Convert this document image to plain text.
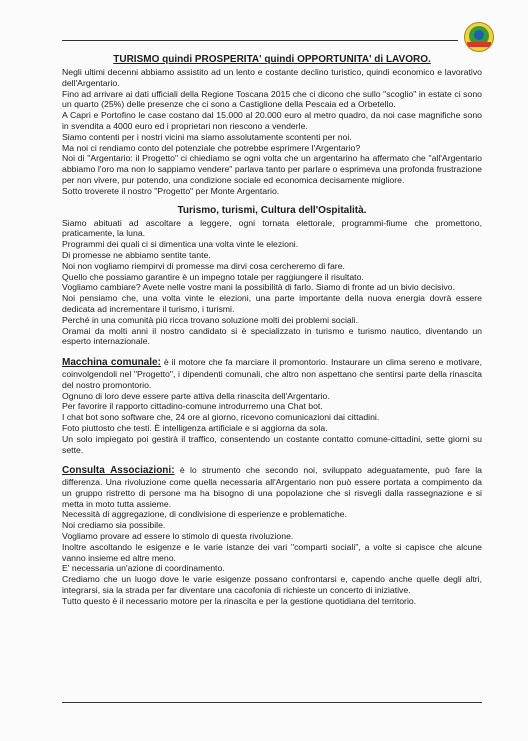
TURISMO quindi PROSPERITA' quindi OPPORTUNITA' di LAVORO.

Negli ultimi decenni abbiamo assistito ad un lento e costante declino turistico, quindi economico e lavorativo dell'Argentario.

Fino ad arrivare ai dati ufficiali della Regione Toscana 2015 che ci dicono che sullo "scoglio" in estate ci sono un quarto (25%) delle presenze che ci sono a Castiglione della Pescaia ed a Orbetello.

A Capri e Portofino le case costano dal 15.000 al 20.000 euro al metro quadro, da noi case magnifiche sono in svendita a 4000 euro ed i proprietari non riescono a venderle.

Siamo contenti per i nostri vicini ma siamo assolutamente scontenti per noi.

Ma noi ci rendiamo conto del potenziale che potrebbe esprimere l'Argentario?

Noi di "Argentario: il Progetto" ci chiediamo se ogni volta che un argentarino ha affermato che "all'Argentario abbiamo l'oro ma non lo sappiamo vendere" parlava tanto per parlare o esprimeva una profonda frustrazione per non vivere, pur potendo, una condizione sociale ed economica decisamente migliore.

Sotto troverete il nostro "Progetto" per Monte Argentario.

Turismo, turismi, Cultura dell'Ospitalità.

Siamo abituati ad ascoltare a leggere, ogni tornata elettorale, programmi-fiume che promettono, praticamente, la luna.

Programmi dei quali ci si dimentica una volta vinte le elezioni.

Di promesse ne abbiamo sentite tante.

Noi non vogliamo riempirvi di promesse ma dirvi cosa cercheremo di fare.

Quello che possiamo garantire è un impegno totale per raggiungere il risultato.

Vogliamo cambiare? Avete nelle vostre mani la possibilità di farlo. Siamo di fronte ad un bivio decisivo.

Noi pensiamo che, una volta vinte le elezioni, una parte importante della nuova energia dovrà essere dedicata ad incrementare il turismo, i turismi.

Perché in una comunità più ricca trovano soluzione molti dei problemi sociali.

Oramai da molti anni il nostro candidato si è specializzato in turismo e turismo nautico, diventando un esperto internazionale.

Macchina comunale: è il motore che fa marciare il promontorio. Instaurare un clima sereno e motivare, coinvolgendoli nel "Progetto", i dipendenti comunali, che altro non aspettano che sentirsi parte della rinascita del nostro promontorio.

Ognuno di loro deve essere parte attiva della rinascita dell'Argentario.

Per favorire il rapporto cittadino-comune introdurremo una Chat bot.

I chat bot sono software che, 24 ore al giorno, ricevono comunicazioni dai cittadini.

Foto piuttosto che testi. È intelligenza artificiale e si aggiorna da sola.

Un solo impiegato poi gestirà il traffico, consentendo un costante contatto comune-cittadini, sette giorni su sette.

Consulta Associazioni: è lo strumento che secondo noi, sviluppato adeguatamente, può fare la differenza. Una rivoluzione come quella necessaria all'Argentario non può essere portata a compimento da un gruppo ristretto di persone ma ha bisogno di una popolazione che si risvegli dalla rassegnazione e si metta in moto tutta assieme.

Necessità di aggregazione, di condivisione di esperienze e problematiche.

Noi crediamo sia possibile.

Vogliamo provare ad essere lo stimolo di questa rivoluzione.

Inoltre ascoltando le esigenze e le varie istanze dei vari "comparti sociali", a volte si capisce che alcune vanno insieme ed altre meno.

E' necessaria un'azione di coordinamento.

Crediamo che un luogo dove le varie esigenze possano confrontarsi e, capendo anche quelle degli altri, integrarsi, sia la strada per far diventare una cacofonia di richieste un concerto di iniziative.

Tutto questo è il necessario motore per la rinascita e per la gestione quotidiana del territorio.
